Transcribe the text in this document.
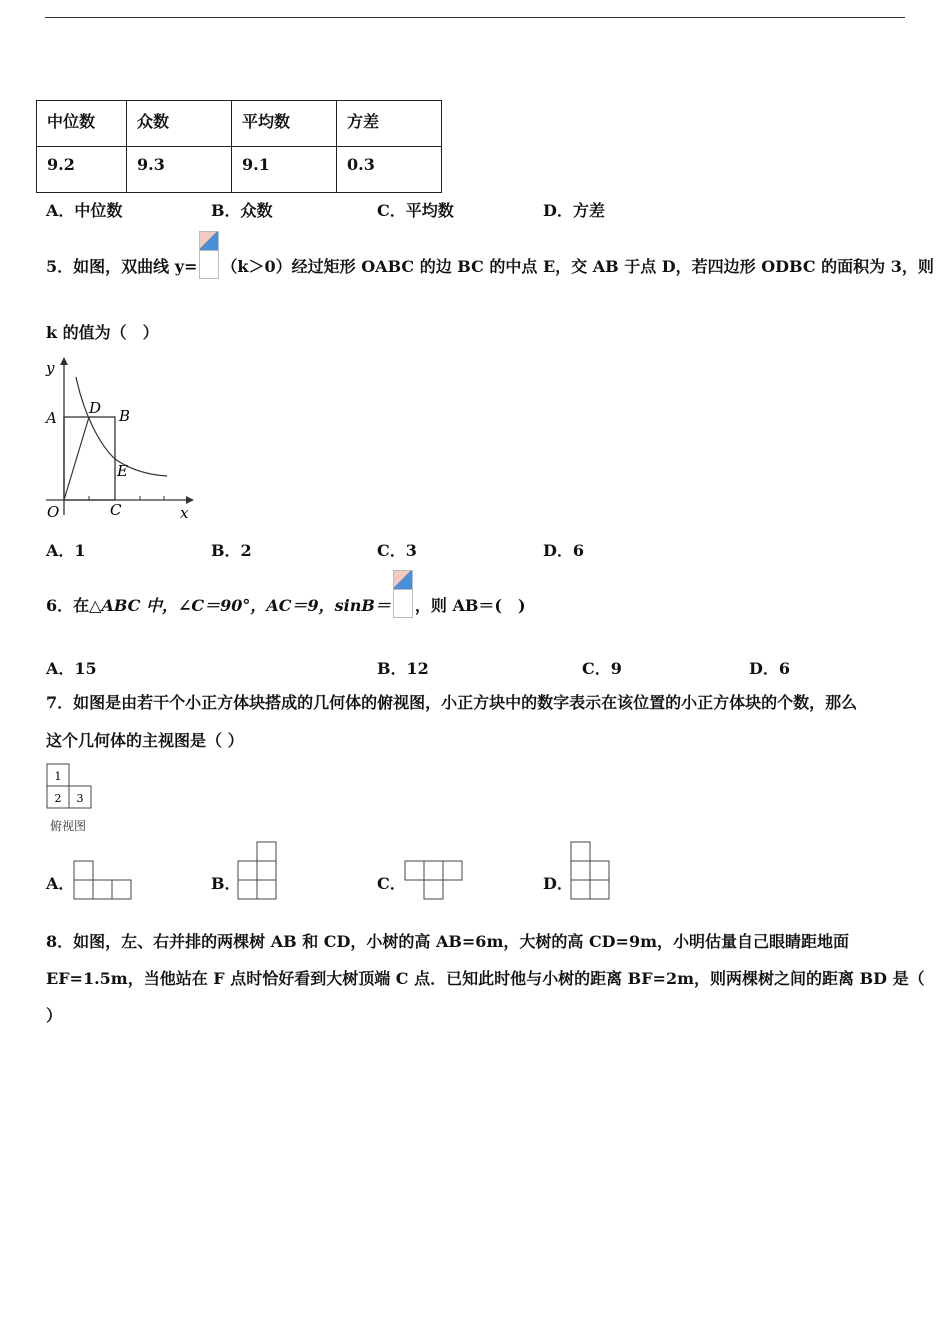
中位数	众数	平均数	方差
9.2	9.3	9.1	0.3
A．中位数	B．众数	C．平均数	D．方差
5．如图，双曲线 y= （k＞0）经过矩形 OABC 的边 BC 的中点 E，交 AB 于点 D，若四边形 ODBC 的面积为 3，则
k 的值为（　）
y
A
D B
E
O	C	x
A．1	B．2	C．3	D．6
6．在△ABC 中，∠C＝90°，AC＝9，sinB＝ ，则 AB＝(　)
A．15	B．12	C．9	D．6
7．如图是由若干个小正方体块搭成的几何体的俯视图，小正方块中的数字表示在该位置的小正方体块的个数，那么
这个几何体的主视图是（ ）
1
2 3
俯视图
A．	B．	C．	D．
8．如图，左、右并排的两棵树 AB 和 CD，小树的高 AB=6m，大树的高 CD=9m，小明估量自己眼睛距地面
EF=1.5m，当他站在 F 点时恰好看到大树顶端 C 点．已知此时他与小树的距离 BF=2m，则两棵树之间的距离 BD 是（
）
